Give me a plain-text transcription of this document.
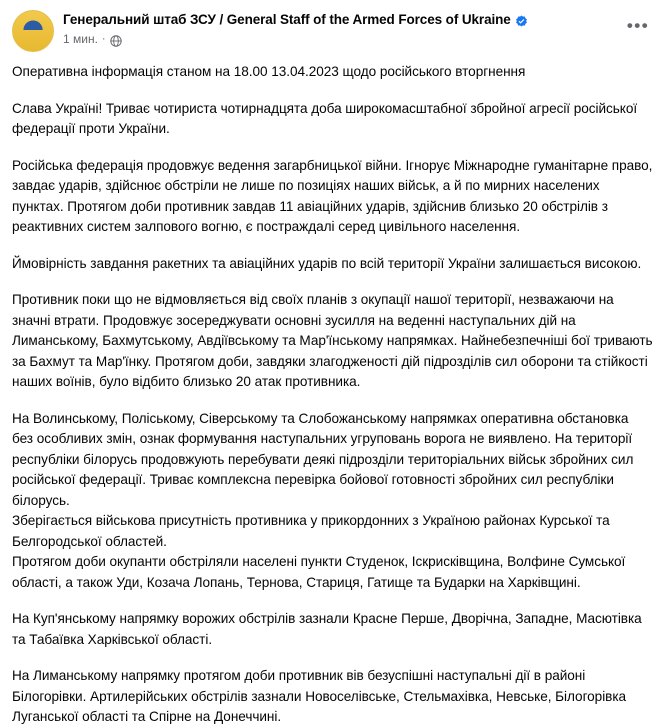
⯊ Генеральний штаб ЗСУ / General Staff of the Armed Forces of Ukraine
1 мин. ·
•••

Оперативна інформація станом на 18.00 13.04.2023 щодо російського вторгнення

Слава Україні! Триває чотириста чотирнадцята доба широкомасштабної збройної агресії російської федерації проти України.

Російська федерація продовжує ведення загарбницької війни. Ігнорує Міжнародне гуманітарне право, завдає ударів, здійснює обстріли не лише по позиціях наших військ, а й по мирних населених пунктах. Протягом доби противник завдав 11 авіаційних ударів, здійснив близько 20 обстрілів з реактивних систем залпового вогню, є постраждалі серед цивільного населення.

Ймовірність завдання ракетних та авіаційних ударів по всій території України залишається високою.

Противник поки що не відмовляється від своїх планів з окупації нашої території, незважаючи на значні втрати. Продовжує зосереджувати основні зусилля на веденні наступальних дій на Лиманському, Бахмутському, Авдіївському та Мар'їнському напрямках. Найнебезпечніші бої тривають за Бахмут та Мар'їнку. Протягом доби, завдяки злагодженості дій підрозділів сил оборони та стійкості наших воїнів, було відбито близько 20 атак противника.

На Волинському, Поліському, Сіверському та Слобожанському напрямках оперативна обстановка без особливих змін, ознак формування наступальних угруповань ворога не виявлено. На території республіки білорусь продовжують перебувати деякі підрозділи територіальних військ збройних сил російської федерації. Триває комплексна перевірка бойової готовності збройних сил республіки білорусь.

Зберігається військова присутність противника у прикордонних з Україною районах Курської та Белгородської областей.

Протягом доби окупанти обстріляли населені пункти Студенок, Іскрисківщина, Волфине Сумської області, а також Уди, Козача Лопань, Тернова, Стариця, Гатище та Бударки на Харківщині.

На Куп'янському напрямку ворожих обстрілів зазнали Красне Перше, Дворічна, Западне, Масютівка та Табаївка Харківської області.

На Лиманському напрямку протягом доби противник вів безуспішні наступальні дії в районі Білогорівки. Артилерійських обстрілів зазнали Новоселівське, Стельмахівка, Невське, Білогорівка Луганської області та Спірне на Донеччині.
